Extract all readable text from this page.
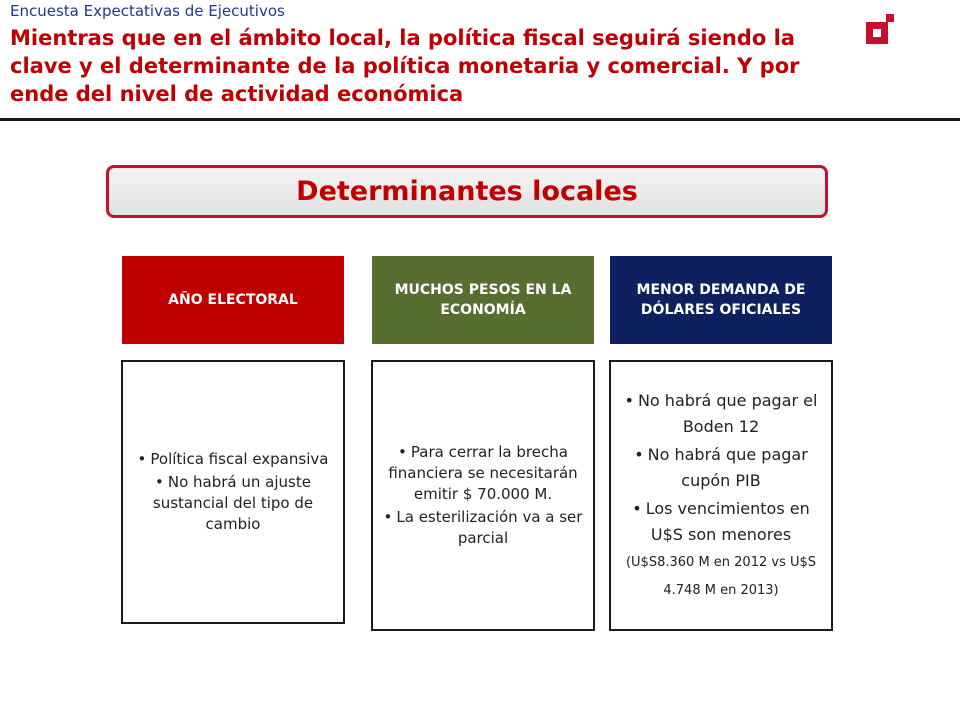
Encuesta Expectativas de Ejecutivos
Mientras que en el ámbito local, la política fiscal seguirá siendo la clave y el determinante de la política monetaria y comercial. Y por ende del nivel de actividad económica
Determinantes locales
AÑO ELECTORAL
MUCHOS PESOS EN LA ECONOMÍA
MENOR DEMANDA DE DÓLARES OFICIALES
• Política fiscal expansiva
• No habrá un ajuste sustancial del tipo de cambio
• Para cerrar la brecha financiera se necesitarán emitir $ 70.000 M.
• La esterilización va a ser parcial
• No habrá que pagar el Boden 12
• No habrá que pagar cupón PIB
• Los vencimientos en U$S son menores
(U$S8.360 M en 2012 vs U$S 4.748 M en 2013)
